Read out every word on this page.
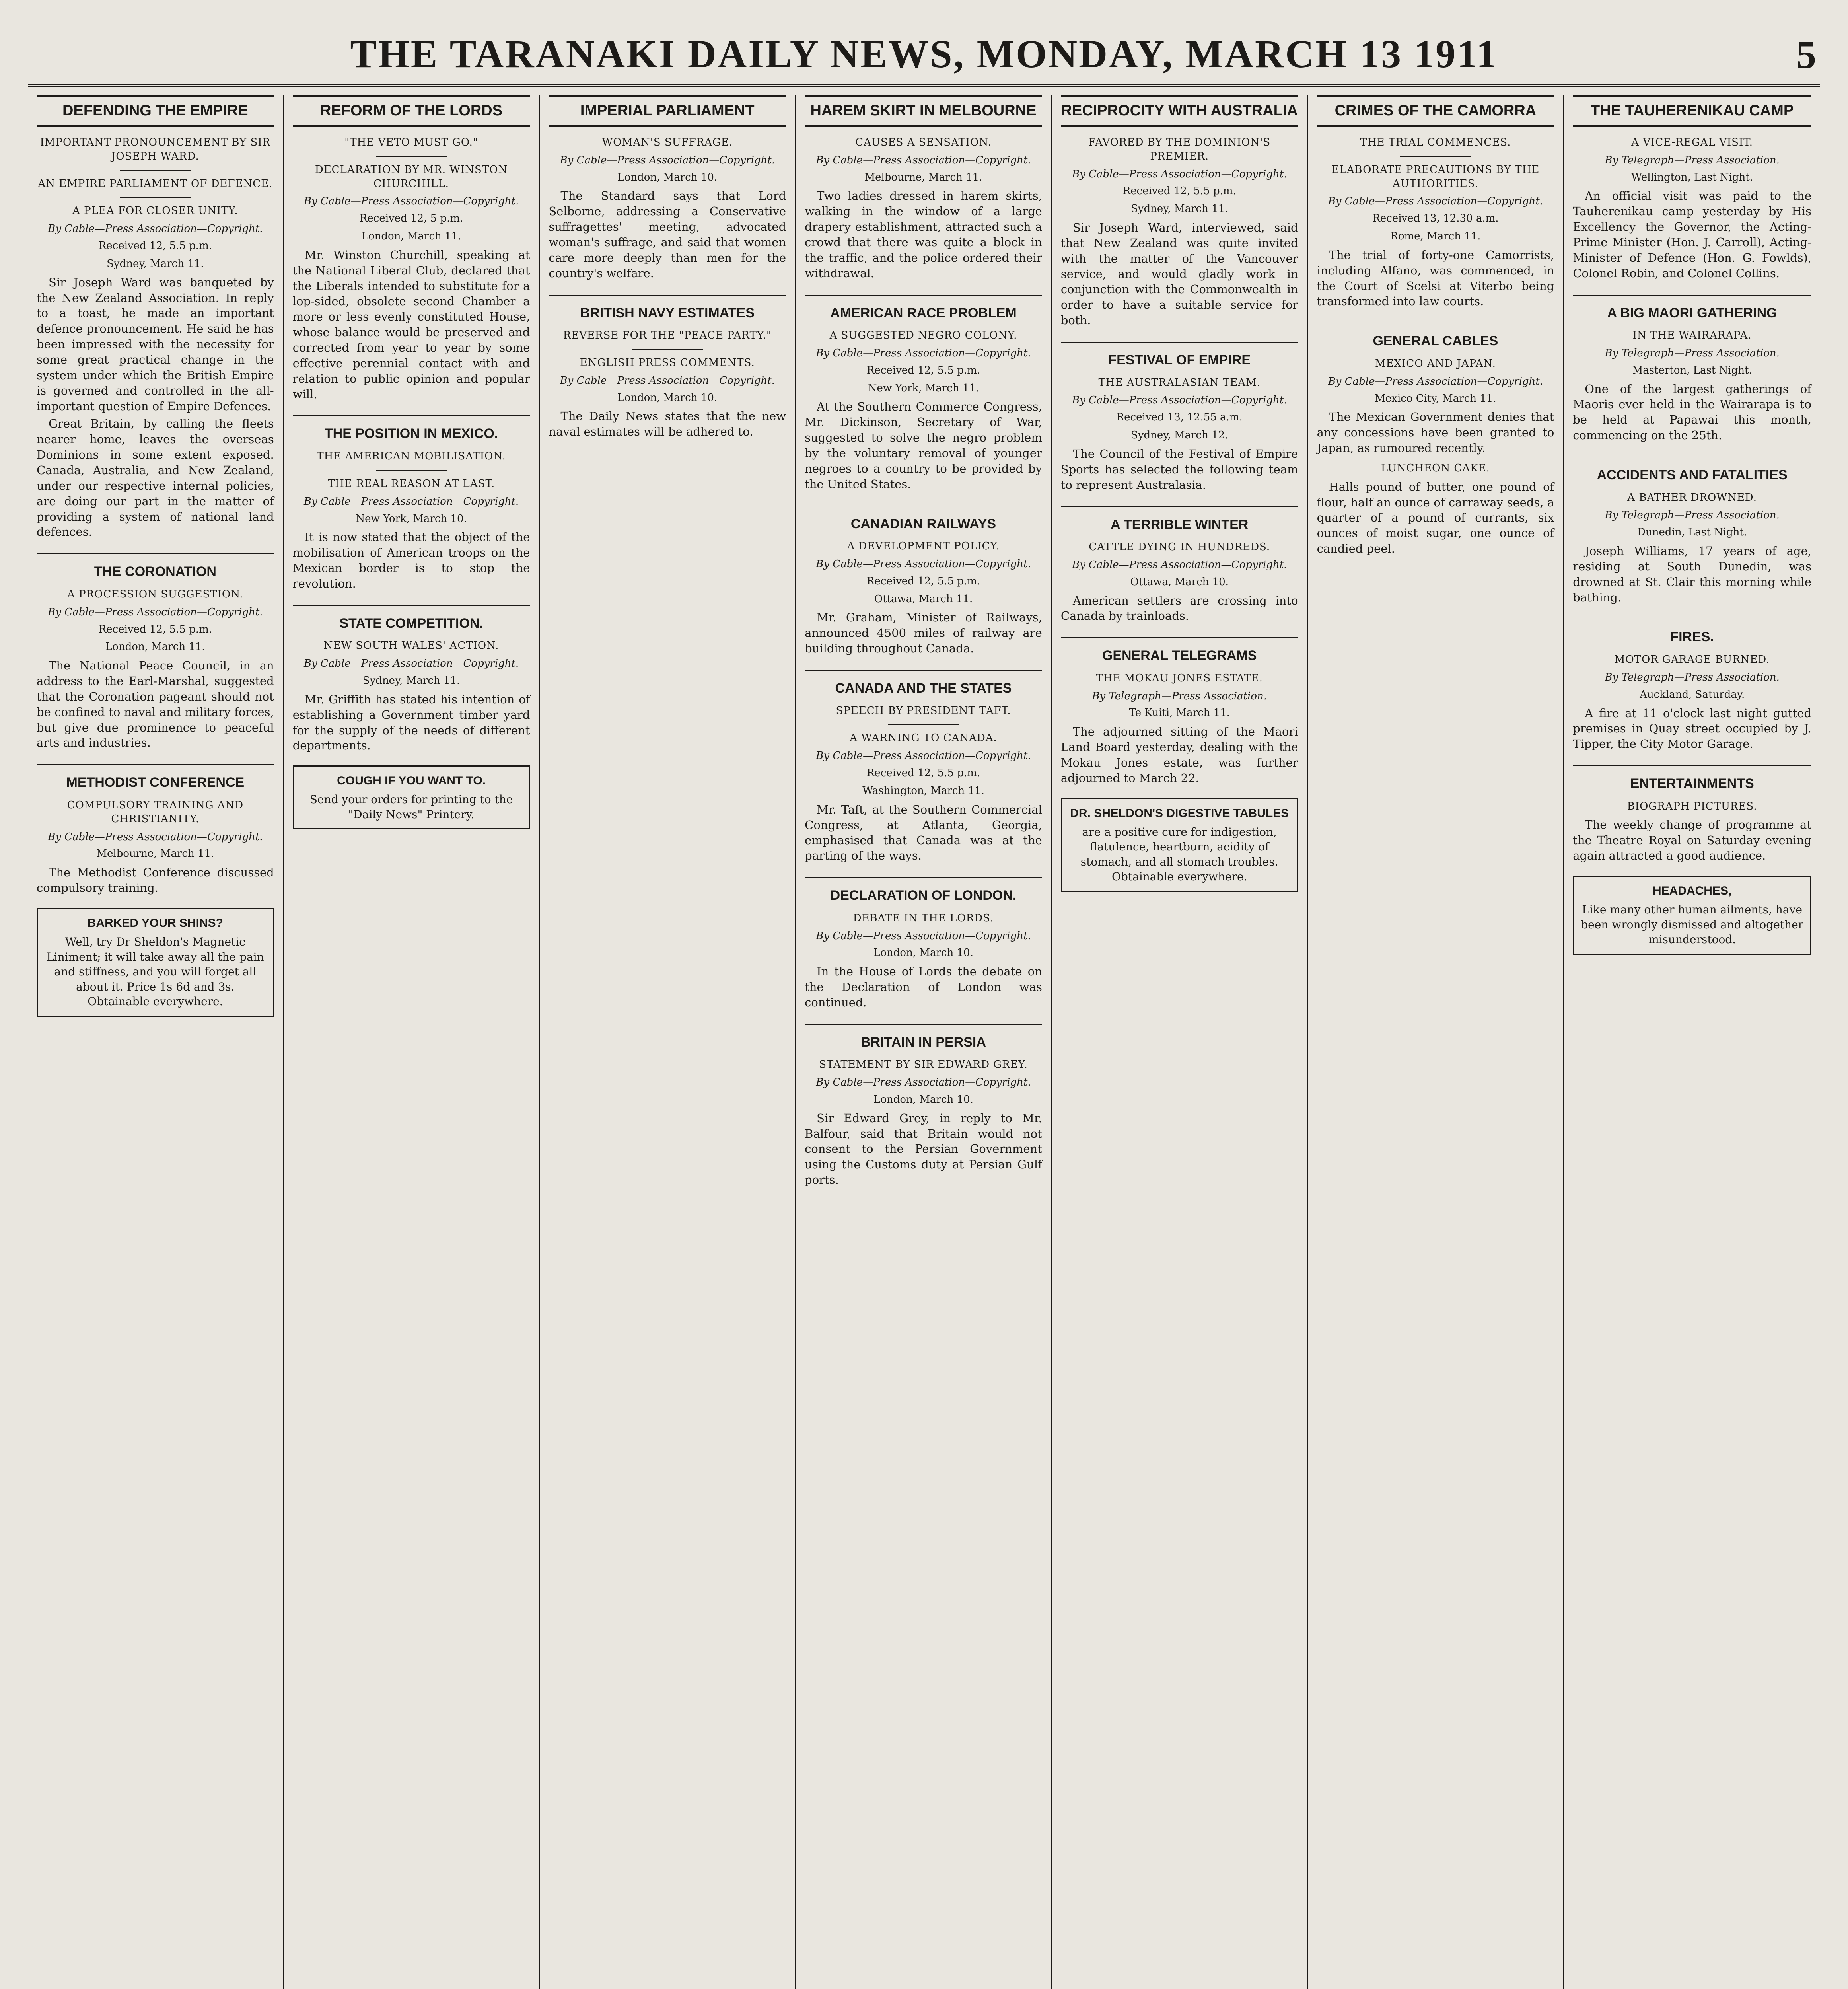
THE TARANAKI DAILY NEWS, MONDAY, MARCH 13 1911	5
DEFENDING THE EMPIRE
IMPORTANT PRONOUNCEMENT BY SIR JOSEPH WARD.
AN EMPIRE PARLIAMENT OF DEFENCE.
A PLEA FOR CLOSER UNITY.
By Cable—Press Association—Copyright.
Received 12, 5.5 p.m.
Sydney, March 11.

Sir Joseph Ward was banqueted by the New Zealand Association. In reply to a toast, he made an important defence pronouncement. He said he has been impressed with the necessity for some great practical change in the system under which the British Empire is governed and controlled in the all-important question of Empire Defences.

Great Britain, by calling the fleets nearer home, leaves the overseas Dominions in some extent exposed. Canada, Australia, and New Zealand, under our respective internal policies, are doing our part in the matter of providing a system of national land defences.

THE CORONATION
A PROCESSION SUGGESTION.
By Cable—Press Association—Copyright.
Received 12, 5.5 p.m.
London, March 11.

The National Peace Council, in an address to the Earl-Marshal, suggested that the Coronation pageant should not be confined to naval and military forces, but give due prominence to peaceful arts and industries.

METHODIST CONFERENCE
COMPULSORY TRAINING AND CHRISTIANITY.
By Cable—Press Association—Copyright.
Melbourne, March 11.

The Methodist Conference discussed compulsory training.

BARKED YOUR SHINS?
Well, try Dr Sheldon's Magnetic Liniment; it will take away all the pain and stiffness, and you will forget all about it. Price 1s 6d and 3s. Obtainable everywhere.
REFORM OF THE LORDS
"THE VETO MUST GO."
DECLARATION BY MR. WINSTON CHURCHILL.
By Cable—Press Association—Copyright.
Received 12, 5 p.m.
London, March 11.

Mr. Winston Churchill, speaking at the National Liberal Club, declared that the Liberals intended to substitute for a lop-sided, obsolete second Chamber a more or less evenly constituted House, whose balance would be preserved and corrected from year to year by some effective perennial contact with and relation to public opinion and popular will.

THE POSITION IN MEXICO.
THE AMERICAN MOBILISATION.
THE REAL REASON AT LAST.
By Cable—Press Association—Copyright.
New York, March 10.

It is now stated that the object of the mobilisation of American troops on the Mexican border is to stop the revolution.

STATE COMPETITION.
NEW SOUTH WALES' ACTION.
By Cable—Press Association—Copyright.
Sydney, March 11.

Mr. Griffith has stated his intention of establishing a Government timber yard for the supply of the needs of different departments.

COUGH IF YOU WANT TO.
Send your orders for printing to the "Daily News" Printery.
IMPERIAL PARLIAMENT
WOMAN'S SUFFRAGE.
By Cable—Press Association—Copyright.
London, March 10.

The Standard says that Lord Selborne, addressing a Conservative suffragettes' meeting, advocated woman's suffrage, and said that women care more deeply than men for the country's welfare.

BRITISH NAVY ESTIMATES
REVERSE FOR THE "PEACE PARTY."
ENGLISH PRESS COMMENTS.
By Cable—Press Association—Copyright.
London, March 10.

The Daily News states that the new naval estimates will be adhered to.

HAREM SKIRT IN MELBOURNE
CAUSES A SENSATION.
By Cable—Press Association—Copyright.
Melbourne, March 11.

Two ladies dressed in harem skirts, walking in the window of a large drapery establishment, attracted such a crowd that there was quite a block in the traffic, and the police ordered their withdrawal.

AMERICAN RACE PROBLEM
A SUGGESTED NEGRO COLONY.
By Cable—Press Association—Copyright.
Received 12, 5.5 p.m.
New York, March 11.

At the Southern Commerce Congress, Mr. Dickinson, Secretary of War, suggested to solve the negro problem by the voluntary removal of younger negroes to a country to be provided by the United States.

CANADIAN RAILWAYS
A DEVELOPMENT POLICY.
By Cable—Press Association—Copyright.
Received 12, 5.5 p.m.
Ottawa, March 11.

Mr. Graham, Minister of Railways, announced 4500 miles of railway are building throughout Canada.

CANADA AND THE STATES
SPEECH BY PRESIDENT TAFT.
A WARNING TO CANADA.
By Cable—Press Association—Copyright.
Received 12, 5.5 p.m.
Washington, March 11.

Mr. Taft, at the Southern Commercial Congress, at Atlanta, Georgia, emphasised that Canada was at the parting of the ways.

DECLARATION OF LONDON.
DEBATE IN THE LORDS.
By Cable—Press Association—Copyright.
London, March 10.

In the House of Lords the debate on the Declaration of London was continued.

BRITAIN IN PERSIA
STATEMENT BY SIR EDWARD GREY.
By Cable—Press Association—Copyright.
London, March 10.

Sir Edward Grey, in reply to Mr. Balfour, said that Britain would not consent to the Persian Government using the Customs duty at Persian Gulf ports.

RECIPROCITY WITH AUSTRALIA
FAVORED BY THE DOMINION'S PREMIER.
By Cable—Press Association—Copyright.
Received 12, 5.5 p.m.
Sydney, March 11.

Sir Joseph Ward, interviewed, said that New Zealand was quite invited with the matter of the Vancouver service, and would gladly work in conjunction with the Commonwealth in order to have a suitable service for both.

FESTIVAL OF EMPIRE
THE AUSTRALASIAN TEAM.
By Cable—Press Association—Copyright.
Received 13, 12.55 a.m.
Sydney, March 12.

The Council of the Festival of Empire Sports has selected the following team to represent Australasia.

A TERRIBLE WINTER
CATTLE DYING IN HUNDREDS.
By Cable—Press Association—Copyright.
Ottawa, March 10.

American settlers are crossing into Canada by trainloads.

GENERAL TELEGRAMS
THE MOKAU JONES ESTATE.
By Telegraph—Press Association.
Te Kuiti, March 11.

The adjourned sitting of the Maori Land Board yesterday, dealing with the Mokau Jones estate, was further adjourned to March 22.

DR. SHELDON'S DIGESTIVE TABULES
are a positive cure for indigestion, flatulence, heartburn, acidity of stomach, and all stomach troubles. Obtainable everywhere.
CRIMES OF THE CAMORRA
THE TRIAL COMMENCES.
ELABORATE PRECAUTIONS BY THE AUTHORITIES.
By Cable—Press Association—Copyright.
Received 13, 12.30 a.m.
Rome, March 11.

The trial of forty-one Camorrists, including Alfano, was commenced, in the Court of Scelsi at Viterbo being transformed into law courts.

GENERAL CABLES
MEXICO AND JAPAN.
By Cable—Press Association—Copyright.
Mexico City, March 11.

The Mexican Government denies that any concessions have been granted to Japan, as rumoured recently.

LUNCHEON CAKE.

Halls pound of butter, one pound of flour, half an ounce of carraway seeds, a quarter of a pound of currants, six ounces of moist sugar, one ounce of candied peel.

THE TAUHERENIKAU CAMP
A VICE-REGAL VISIT.
By Telegraph—Press Association.
Wellington, Last Night.

An official visit was paid to the Tauherenikau camp yesterday by His Excellency the Governor, the Acting-Prime Minister (Hon. J. Carroll), Acting-Minister of Defence (Hon. G. Fowlds), Colonel Robin, and Colonel Collins.

A BIG MAORI GATHERING
IN THE WAIRARAPA.
By Telegraph—Press Association.
Masterton, Last Night.

One of the largest gatherings of Maoris ever held in the Wairarapa is to be held at Papawai this month, commencing on the 25th.

ACCIDENTS AND FATALITIES
A BATHER DROWNED.
By Telegraph—Press Association.
Dunedin, Last Night.

Joseph Williams, 17 years of age, residing at South Dunedin, was drowned at St. Clair this morning while bathing.

FIRES.
MOTOR GARAGE BURNED.
By Telegraph—Press Association.
Auckland, Saturday.

A fire at 11 o'clock last night gutted premises in Quay street occupied by J. Tipper, the City Motor Garage.

ENTERTAINMENTS
BIOGRAPH PICTURES.

The weekly change of programme at the Theatre Royal on Saturday evening again attracted a good audience.

HEADACHES,
Like many other human ailments, have been wrongly dismissed and altogether misunderstood.
